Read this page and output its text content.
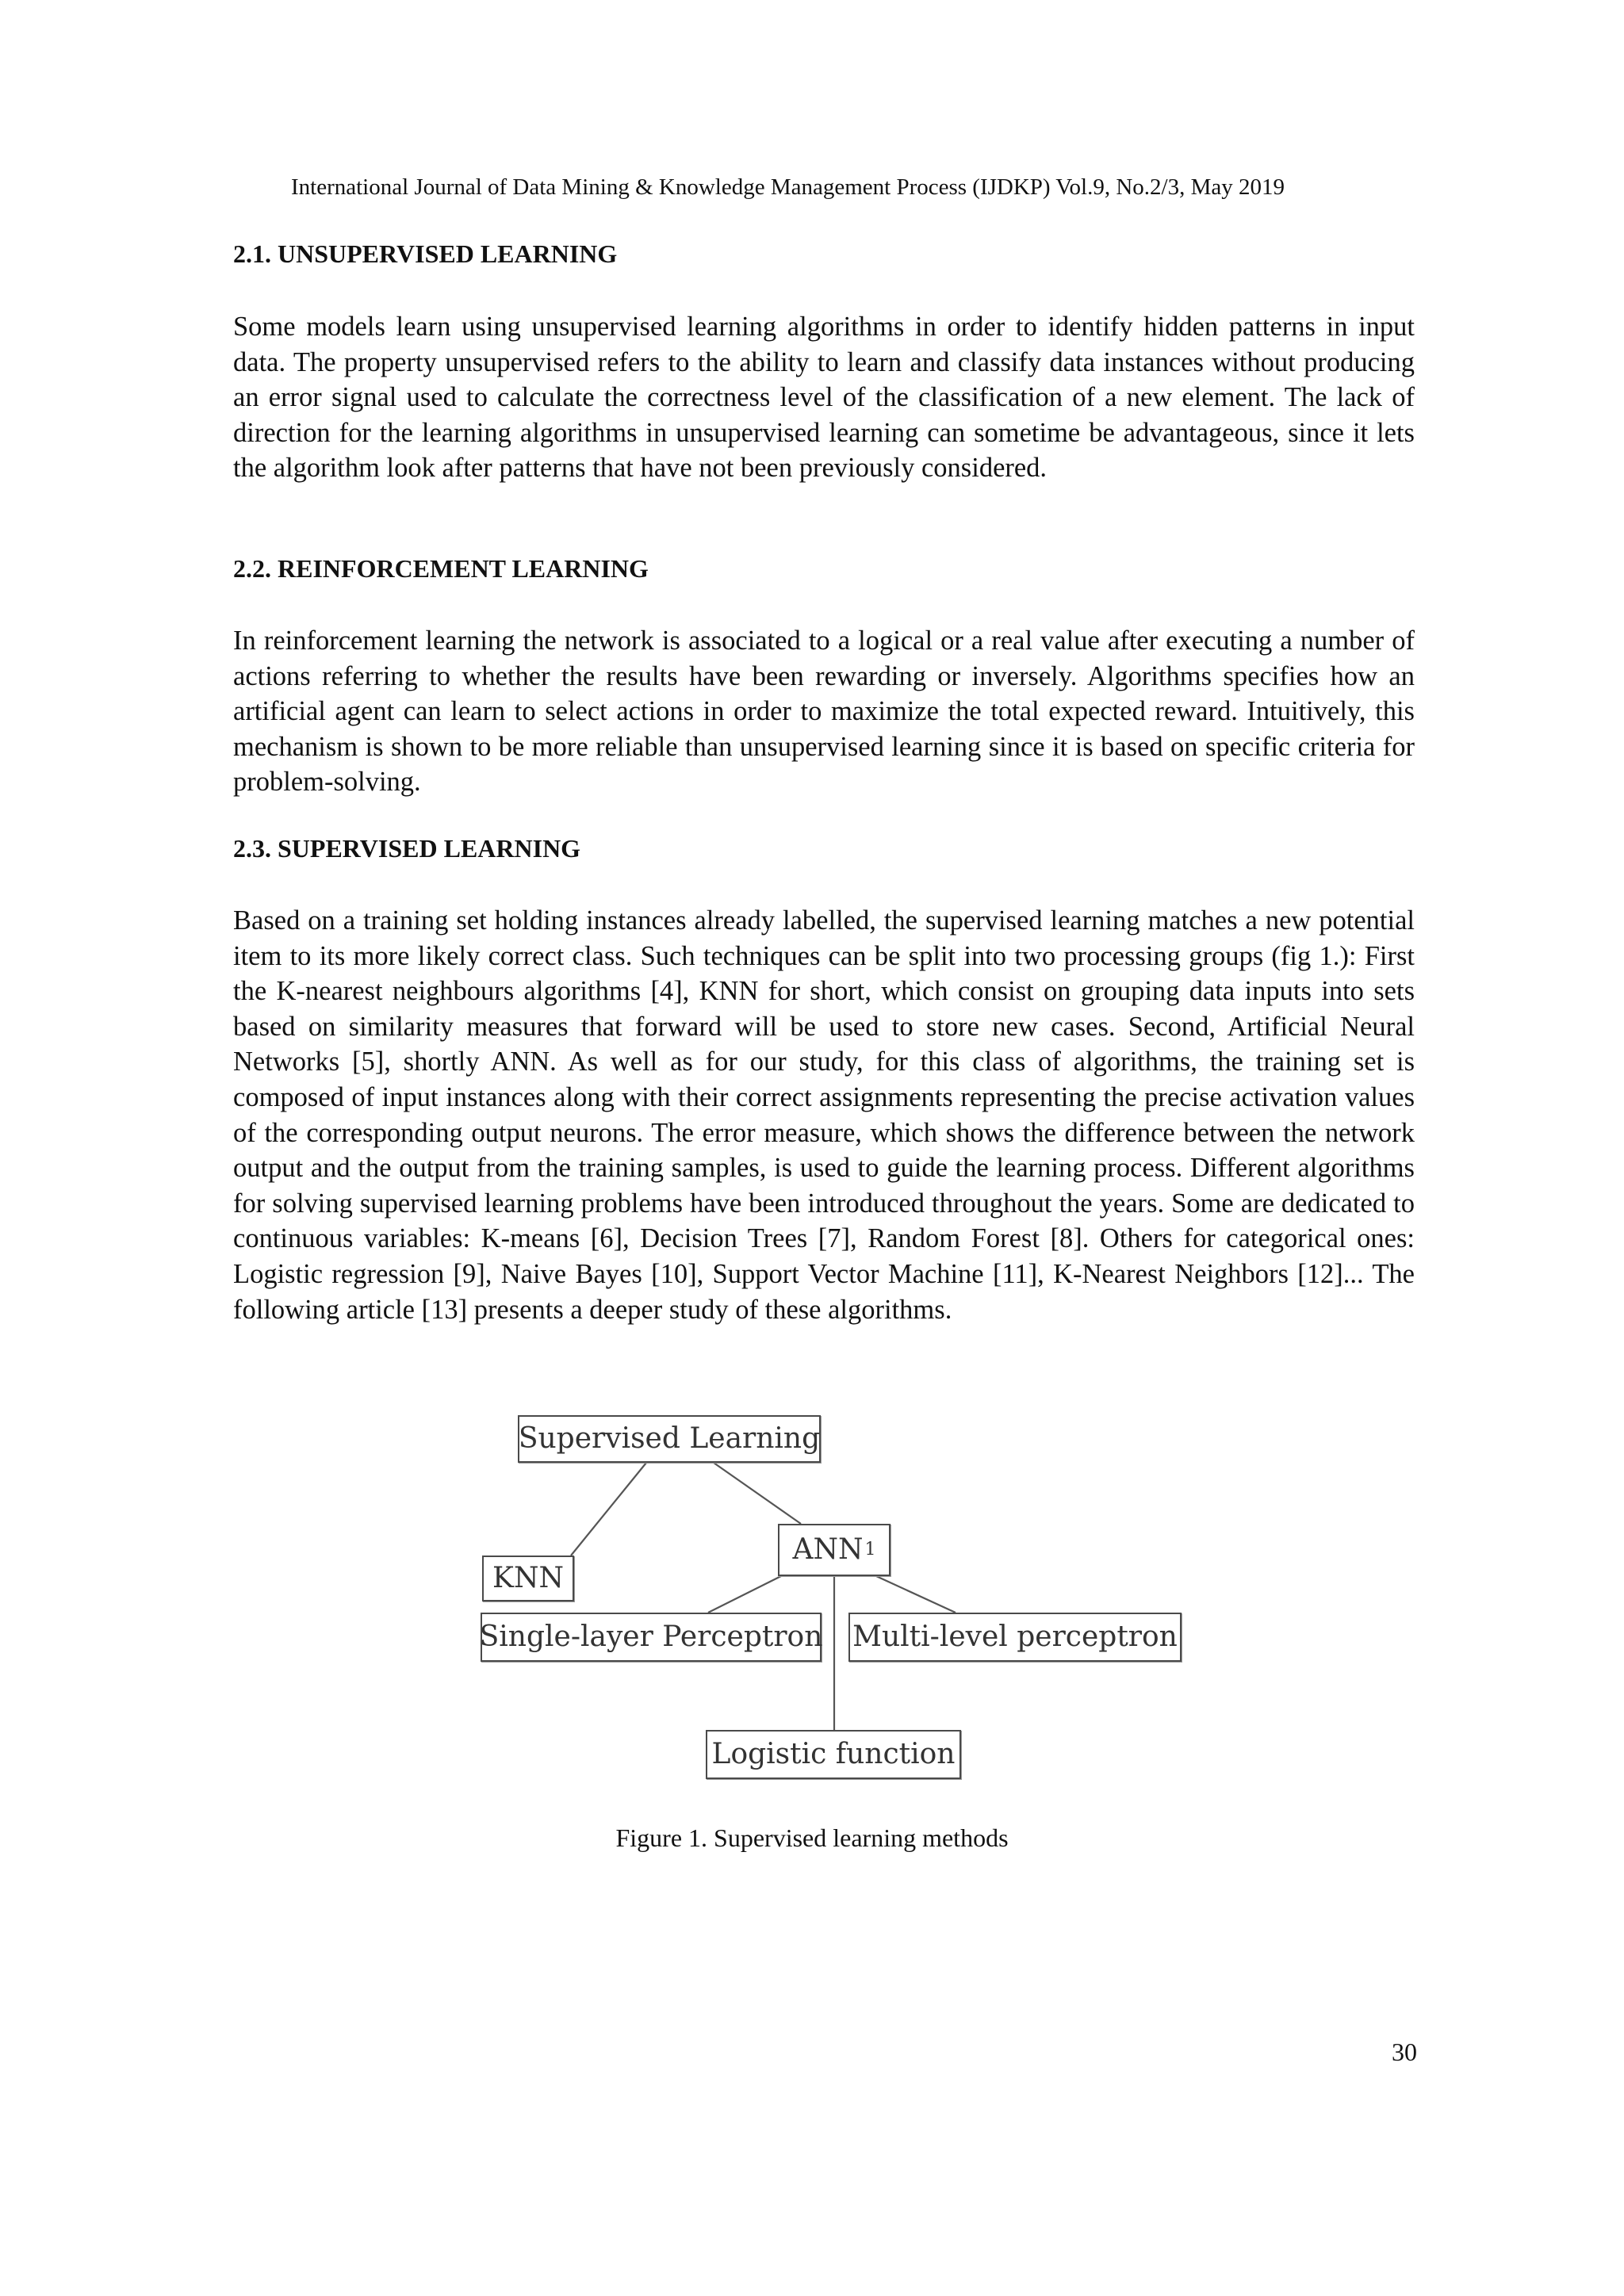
International Journal of Data Mining & Knowledge Management Process (IJDKP) Vol.9, No.2/3, May 2019
2.1. UNSUPERVISED LEARNING

Some models learn using unsupervised learning algorithms in order to identify hidden patterns in input data. The property unsupervised refers to the ability to learn and classify data instances without producing an error signal used to calculate the correctness level of the classification of a new element. The lack of direction for the learning algorithms in unsupervised learning can sometime be advantageous, since it lets the algorithm look after patterns that have not been previously considered.

2.2. REINFORCEMENT LEARNING

In reinforcement learning the network is associated to a logical or a real value after executing a number of actions referring to whether the results have been rewarding or inversely. Algorithms specifies how an artificial agent can learn to select actions in order to maximize the total expected reward. Intuitively, this mechanism is shown to be more reliable than unsupervised learning since it is based on specific criteria for problem-solving.

2.3. SUPERVISED LEARNING

Based on a training set holding instances already labelled, the supervised learning matches a new potential item to its more likely correct class. Such techniques can be split into two processing groups (fig 1.): First the K-nearest neighbours algorithms [4], KNN for short, which consist on grouping data inputs into sets based on similarity measures that forward will be used to store new cases. Second, Artificial Neural Networks [5], shortly ANN. As well as for our study, for this class of algorithms, the training set is composed of input instances along with their correct assignments representing the precise activation values of the corresponding output neurons. The error measure, which shows the difference between the network output and the output from the training samples, is used to guide the learning process. Different algorithms for solving supervised learning problems have been introduced throughout the years. Some are dedicated to continuous variables: K-means [6], Decision Trees [7], Random Forest [8]. Others for categorical ones: Logistic regression [9], Naive Bayes [10], Support Vector Machine [11], K-Nearest Neighbors [12]... The following article [13] presents a deeper study of these algorithms.

Supervised Learning
KNN
ANN 1
Single-layer Perceptron Multi-level perceptron
Logistic function
Figure 1. Supervised learning methods
30
